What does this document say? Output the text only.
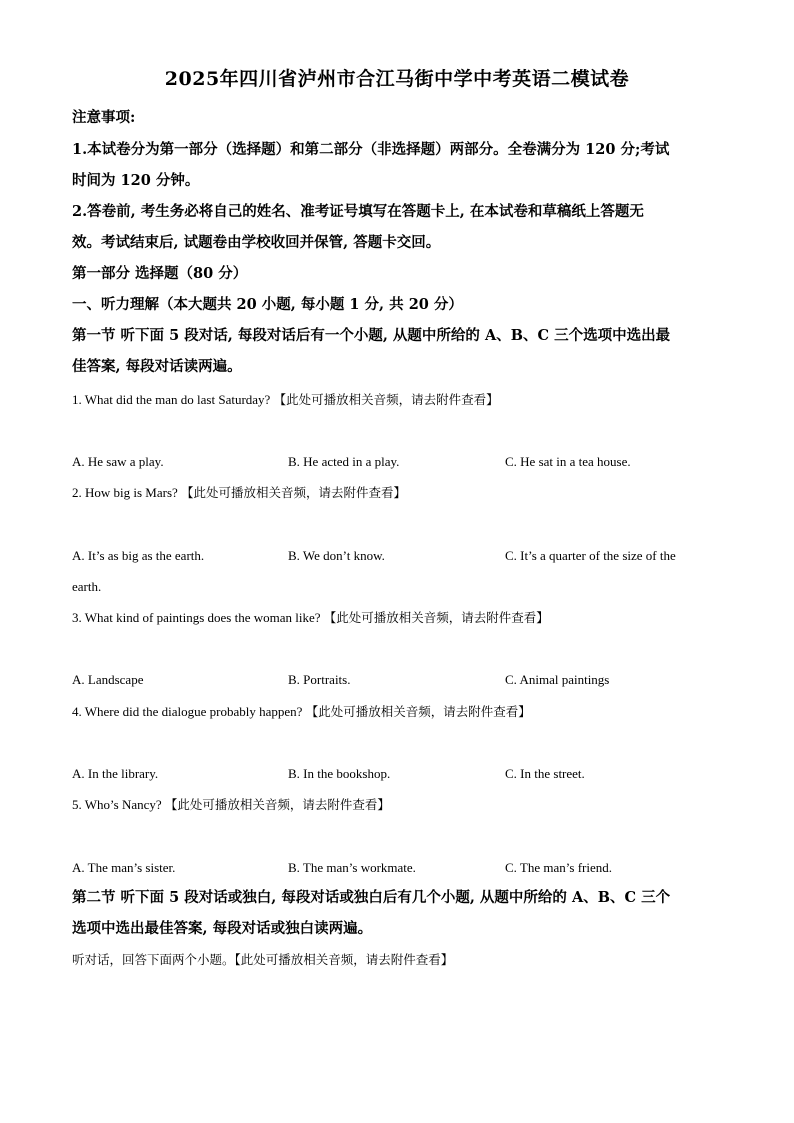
2025年四川省泸州市合江马街中学中考英语二模试卷
注意事项:
1.本试卷分为第一部分（选择题）和第二部分（非选择题）两部分。全卷满分为 120 分;考试
时间为 120 分钟。
2.答卷前, 考生务必将自己的姓名、准考证号填写在答题卡上, 在本试卷和草稿纸上答题无
效。考试结束后, 试题卷由学校收回并保管, 答题卡交回。
第一部分 选择题（80 分）
一、听力理解（本大题共 20 小题, 每小题 1 分, 共 20 分）
第一节 听下面 5 段对话, 每段对话后有一个小题, 从题中所给的 A、B、C 三个选项中选出最
佳答案, 每段对话读两遍。
1. What did the man do last Saturday? 【此处可播放相关音频，请去附件查看】
A. He saw a play.	B. He acted in a play.	C. He sat in a tea house.
2. How big is Mars? 【此处可播放相关音频，请去附件查看】
A. It’s as big as the earth.	B. We don’t know.	C. It’s a quarter of the size of the
earth.
3. What kind of paintings does the woman like? 【此处可播放相关音频，请去附件查看】
A. Landscape	B. Portraits.	C. Animal paintings
4. Where did the dialogue probably happen? 【此处可播放相关音频，请去附件查看】
A. In the library.	B. In the bookshop.	C. In the street.
5. Who’s Nancy? 【此处可播放相关音频，请去附件查看】
A. The man’s sister.	B. The man’s workmate.	C. The man’s friend.
第二节 听下面 5 段对话或独白, 每段对话或独白后有几个小题, 从题中所给的 A、B、C 三个
选项中选出最佳答案, 每段对话或独白读两遍。
听对话，回答下面两个小题。【此处可播放相关音频，请去附件查看】
